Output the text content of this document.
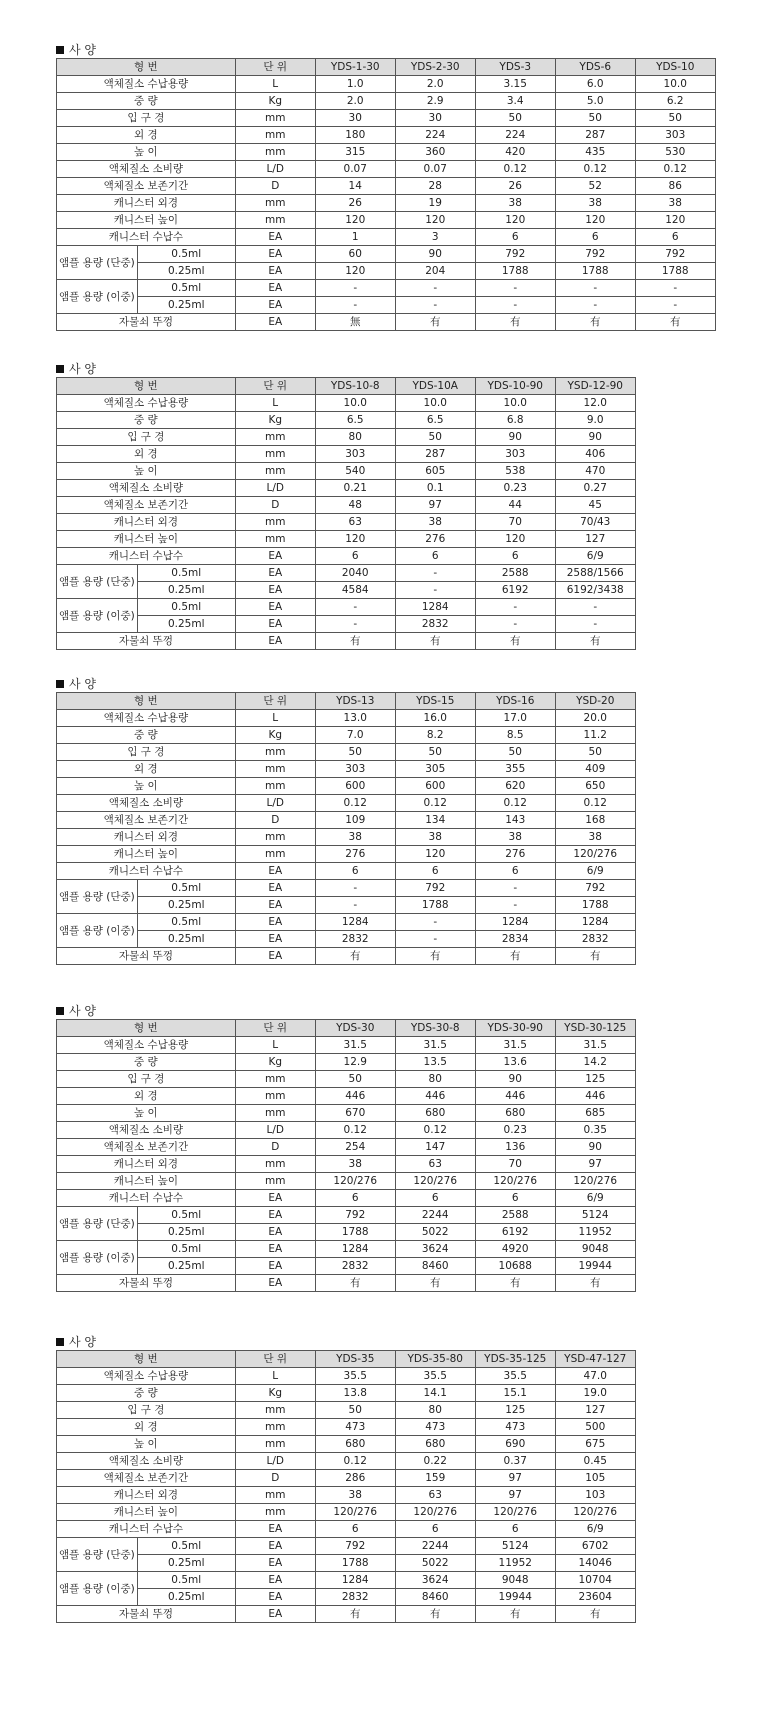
사 양
형 번		단 위	YDS-1-30	YDS-2-30	YDS-3	YDS-6	YDS-10
액체질소 수납용량		L	1.0	2.0	3.15	6.0	10.0
중 량		Kg	2.0	2.9	3.4	5.0	6.2
입 구 경		mm	30	30	50	50	50
외 경		mm	180	224	224	287	303
높 이		mm	315	360	420	435	530
액체질소 소비량		L/D	0.07	0.07	0.12	0.12	0.12
액체질소 보존기간		D	14	28	26	52	86
캐니스터 외경		mm	26	19	38	38	38
캐니스터 높이		mm	120	120	120	120	120
캐니스터 수납수		EA	1	3	6	6	6
앰플 용량 (단중)	0.5ml	EA	60	90	792	792	792
	0.25ml	EA	120	204	1788	1788	1788
앰플 용량 (이중)	0.5ml	EA	-	-	-	-	-
	0.25ml	EA	-	-	-	-	-
자물쇠 뚜껑		EA	無	有	有	有	有
사 양
형 번		단 위	YDS-10-8	YDS-10A	YDS-10-90	YSD-12-90
액체질소 수납용량		L	10.0	10.0	10.0	12.0
중 량		Kg	6.5	6.5	6.8	9.0
입 구 경		mm	80	50	90	90
외 경		mm	303	287	303	406
높 이		mm	540	605	538	470
액체질소 소비량		L/D	0.21	0.1	0.23	0.27
액체질소 보존기간		D	48	97	44	45
캐니스터 외경		mm	63	38	70	70/43
캐니스터 높이		mm	120	276	120	127
캐니스터 수납수		EA	6	6	6	6/9
앰플 용량 (단중)	0.5ml	EA	2040	-	2588	2588/1566
	0.25ml	EA	4584	-	6192	6192/3438
앰플 용량 (이중)	0.5ml	EA	-	1284	-	-
	0.25ml	EA	-	2832	-	-
자물쇠 뚜껑		EA	有	有	有	有
사 양
형 번		단 위	YDS-13	YDS-15	YDS-16	YSD-20
액체질소 수납용량		L	13.0	16.0	17.0	20.0
중 량		Kg	7.0	8.2	8.5	11.2
입 구 경		mm	50	50	50	50
외 경		mm	303	305	355	409
높 이		mm	600	600	620	650
액체질소 소비량		L/D	0.12	0.12	0.12	0.12
액체질소 보존기간		D	109	134	143	168
캐니스터 외경		mm	38	38	38	38
캐니스터 높이		mm	276	120	276	120/276
캐니스터 수납수		EA	6	6	6	6/9
앰플 용량 (단중)	0.5ml	EA	-	792	-	792
	0.25ml	EA	-	1788	-	1788
앰플 용량 (이중)	0.5ml	EA	1284	-	1284	1284
	0.25ml	EA	2832	-	2834	2832
자물쇠 뚜껑		EA	有	有	有	有
사 양
형 번		단 위	YDS-30	YDS-30-8	YDS-30-90	YSD-30-125
액체질소 수납용량		L	31.5	31.5	31.5	31.5
중 량		Kg	12.9	13.5	13.6	14.2
입 구 경		mm	50	80	90	125
외 경		mm	446	446	446	446
높 이		mm	670	680	680	685
액체질소 소비량		L/D	0.12	0.12	0.23	0.35
액체질소 보존기간		D	254	147	136	90
캐니스터 외경		mm	38	63	70	97
캐니스터 높이		mm	120/276	120/276	120/276	120/276
캐니스터 수납수		EA	6	6	6	6/9
앰플 용량 (단중)	0.5ml	EA	792	2244	2588	5124
	0.25ml	EA	1788	5022	6192	11952
앰플 용량 (이중)	0.5ml	EA	1284	3624	4920	9048
	0.25ml	EA	2832	8460	10688	19944
자물쇠 뚜껑		EA	有	有	有	有
사 양
형 번		단 위	YDS-35	YDS-35-80	YDS-35-125	YSD-47-127
액체질소 수납용량		L	35.5	35.5	35.5	47.0
중 량		Kg	13.8	14.1	15.1	19.0
입 구 경		mm	50	80	125	127
외 경		mm	473	473	473	500
높 이		mm	680	680	690	675
액체질소 소비량		L/D	0.12	0.22	0.37	0.45
액체질소 보존기간		D	286	159	97	105
캐니스터 외경		mm	38	63	97	103
캐니스터 높이		mm	120/276	120/276	120/276	120/276
캐니스터 수납수		EA	6	6	6	6/9
앰플 용량 (단중)	0.5ml	EA	792	2244	5124	6702
	0.25ml	EA	1788	5022	11952	14046
앰플 용량 (이중)	0.5ml	EA	1284	3624	9048	10704
	0.25ml	EA	2832	8460	19944	23604
자물쇠 뚜껑		EA	有	有	有	有
